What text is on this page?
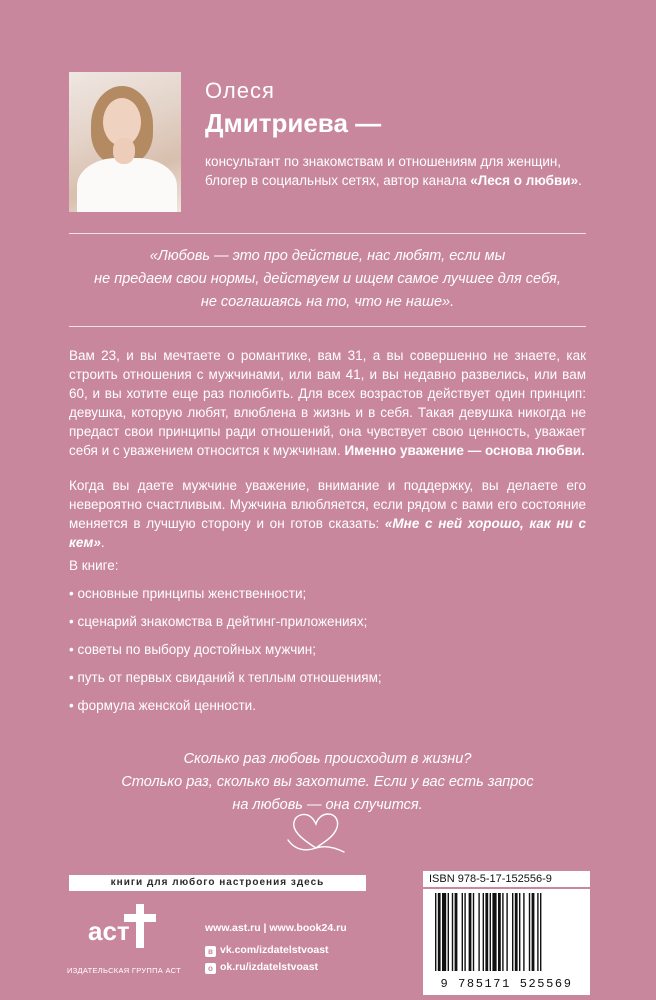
Олеся
Дмитриева —
консультант по знакомствам и отношениям для женщин, блогер в социальных сетях, автор канала «Леся о любви».
«Любовь — это про действие, нас любят, если мы
не предаем свои нормы, действуем и ищем самое лучшее для себя,
не соглашаясь на то, что не наше».
Вам 23, и вы мечтаете о романтике, вам 31, а вы совершенно не знаете, как строить отношения с мужчинами, или вам 41, и вы недавно развелись, или вам 60, и вы хотите еще раз полюбить. Для всех возрастов действует один принцип: девушка, которую любят, влюблена в жизнь и в себя. Такая девушка никогда не предаст свои принципы ради отношений, она чувствует свою ценность, уважает себя и с уважением относится к мужчинам. Именно уважение — основа любви.
Когда вы даете мужчине уважение, внимание и поддержку, вы делаете его невероятно счастливым. Мужчина влюбляется, если рядом с вами его состояние меняется в лучшую сторону и он готов сказать: «Мне с ней хорошо, как ни с кем».
В книге:
• основные принципы женственности;
• сценарий знакомства в дейтинг-приложениях;
• советы по выбору достойных мужчин;
• путь от первых свиданий к теплым отношениям;
• формула женской ценности.
Сколько раз любовь происходит в жизни?
Столько раз, сколько вы захотите. Если у вас есть запрос
на любовь — она случится.
книги для любого настроения здесь
аст
ИЗДАТЕЛЬСКАЯ ГРУППА АСТ
www.ast.ru | www.book24.ru
в vk.com/izdatelstvoast
о ok.ru/izdatelstvoast
ISBN 978-5-17-152556-9
9 785171 525569
